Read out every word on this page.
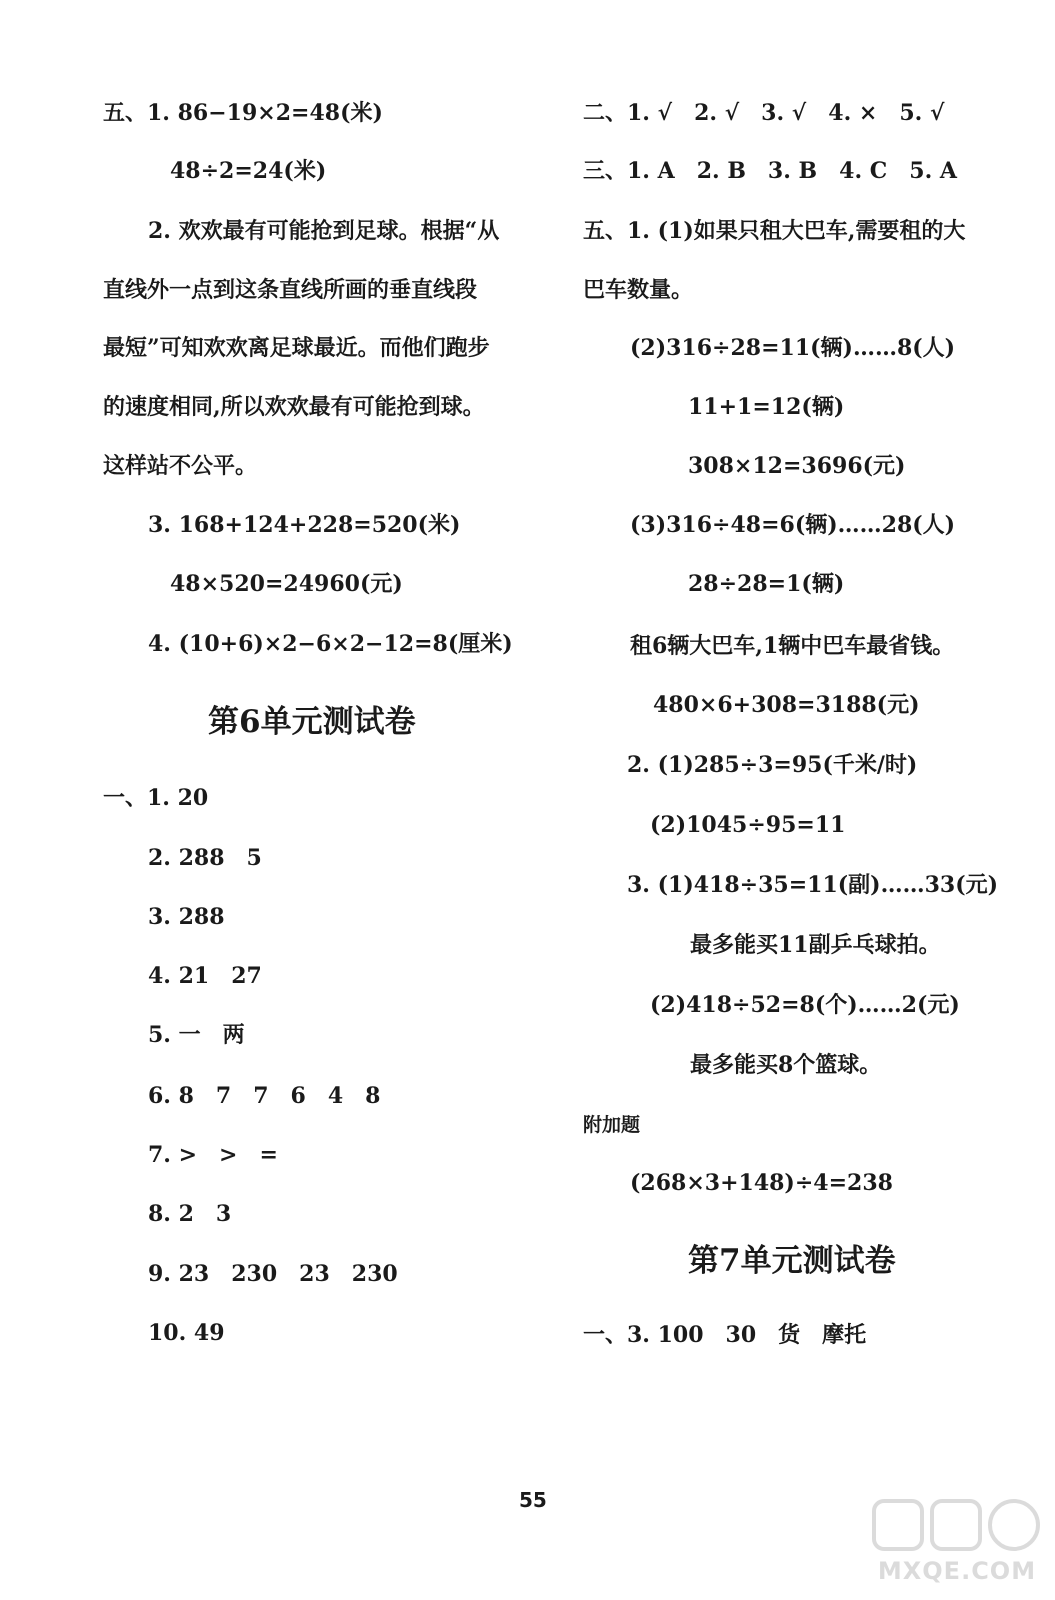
五、1. 86−19×2=48(米)
48÷2=24(米)
2. 欢欢最有可能抢到足球。根据“从
直线外一点到这条直线所画的垂直线段
最短”可知欢欢离足球最近。而他们跑步
的速度相同,所以欢欢最有可能抢到球。
这样站不公平。
3. 168+124+228=520(米)
48×520=24960(元)
4. (10+6)×2−6×2−12=8(厘米)
第6单元测试卷
一、1. 20
2. 288　5
3. 288
4. 21　27
5. 一　两
6. 8　7　7　6　4　8
7. >　>　=
8. 2　3
9. 23　230　23　230
10. 49
二、1. √　2. √　3. √　4. ×　5. √
三、1. A　2. B　3. B　4. C　5. A
五、1. (1)如果只租大巴车,需要租的大
巴车数量。
(2)316÷28=11(辆)……8(人)
11+1=12(辆)
308×12=3696(元)
(3)316÷48=6(辆)……28(人)
28÷28=1(辆)
租6辆大巴车,1辆中巴车最省钱。
480×6+308=3188(元)
2. (1)285÷3=95(千米/时)
(2)1045÷95=11
3. (1)418÷35=11(副)……33(元)
最多能买11副乒乓球拍。
(2)418÷52=8(个)……2(元)
最多能买8个篮球。
附加题
(268×3+148)÷4=238
第7单元测试卷
一、3. 100　30　货　摩托
55
MXQE.COM
